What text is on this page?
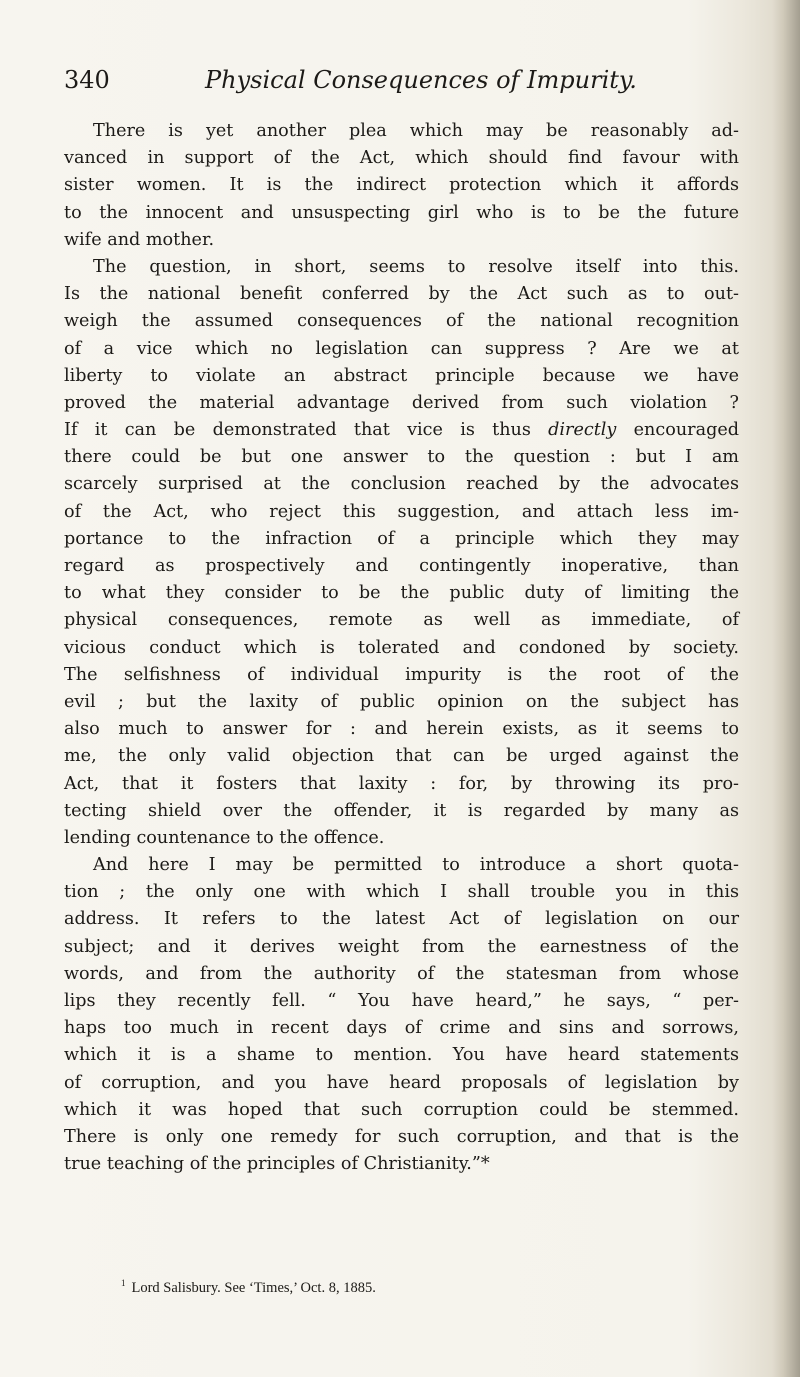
340	Physical Consequences of Impurity.
There is yet another plea which may be reasonably ad-
vanced in support of the Act, which should find favour with
sister women. It is the indirect protection which it affords
to the innocent and unsuspecting girl who is to be the future
wife and mother.
The question, in short, seems to resolve itself into this.
Is the national benefit conferred by the Act such as to out-
weigh the assumed consequences of the national recognition
of a vice which no legislation can suppress ? Are we at
liberty to violate an abstract principle because we have
proved the material advantage derived from such violation ?
If it can be demonstrated that vice is thus directly encouraged
there could be but one answer to the question : but I am
scarcely surprised at the conclusion reached by the advocates
of the Act, who reject this suggestion, and attach less im-
portance to the infraction of a principle which they may
regard as prospectively and contingently inoperative, than
to what they consider to be the public duty of limiting the
physical consequences, remote as well as immediate, of
vicious conduct which is tolerated and condoned by society.
The selfishness of individual impurity is the root of the
evil ; but the laxity of public opinion on the subject has
also much to answer for : and herein exists, as it seems to
me, the only valid objection that can be urged against the
Act, that it fosters that laxity : for, by throwing its pro-
tecting shield over the offender, it is regarded by many as
lending countenance to the offence.
And here I may be permitted to introduce a short quota-
tion ; the only one with which I shall trouble you in this
address. It refers to the latest Act of legislation on our
subject; and it derives weight from the earnestness of the
words, and from the authority of the statesman from whose
lips they recently fell. “ You have heard,” he says, “ per-
haps too much in recent days of crime and sins and sorrows,
which it is a shame to mention. You have heard statements
of corruption, and you have heard proposals of legislation by
which it was hoped that such corruption could be stemmed.
There is only one remedy for such corruption, and that is the
true teaching of the principles of Christianity.”*
$^1$ Lord Salisbury. See ‘Times,’ Oct. 8, 1885.
